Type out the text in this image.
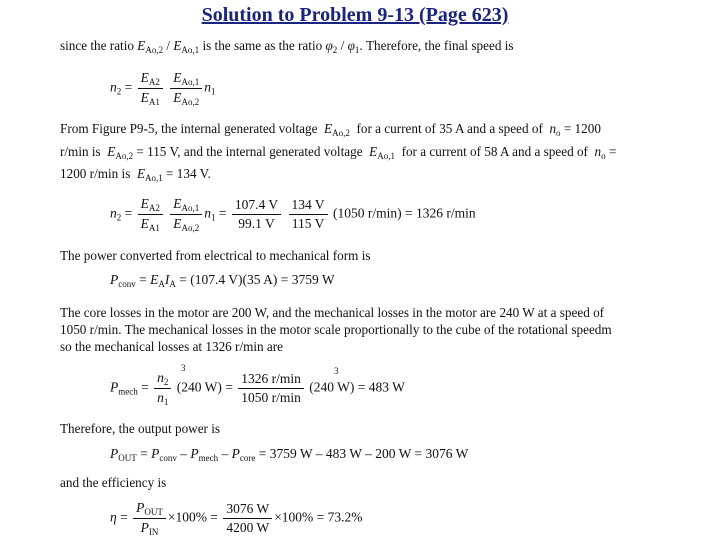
Solution to Problem 9-13 (Page 623)
since the ratio $E_{Ao,2} / E_{Ao,1}$ is the same as the ratio $\varphi_2 / \varphi_1$. Therefore, the final speed is
$n_2 = \frac{E_{A2}}{E_{A1}}$
$\frac{E_{Ao,1}}{E_{Ao,2}} n_1$
From Figure P9-5, the internal generated voltage $E_{Ao,2}$ for a current of 35 A and a speed of $n_o = 1200$
r/min is $E_{Ao,2} = 115$ V, and the internal generated voltage $E_{Ao,1}$ for a current of 58 A and a speed of $n_o$ =
1200 r/min is $E_{Ao,1} = 134$ V.
$n_2 = \frac{E_{A2}}{E_{A1}}$
$\frac{E_{Ao,1}}{E_{Ao,2}} n_1 = \frac{107.4 V}{99.1 V}$
$\frac{134 V}{115 V} (1050$ r/min) = 1326 r/min
The power converted from electrical to mechanical form is
$P_{conv} = E_AI_A = (107.4$ V)(35 A) = 3759 W
The core losses in the motor are 200 W, and the mechanical losses in the motor are 240 W at a speed of
1050 r/min. The mechanical losses in the motor scale proportionally to the cube of the rotational speedm
so the mechanical losses at 1326 r/min are
3	3
$P_{mech} = \frac{n_2}{n_1} (240$ $W) = \frac{1326 r/\min}{1050 r/\min} (240$ W) = 483 W
Therefore, the output power is
$P_{OUT} = P_{conv} - P_{mech} - P_{core} = 3759$ W – 483 W – 200 W = 3076 W
and the efficiency is
$\eta = \frac{P_{OUT}}{P_{IN}} \times 100\% = \frac{3076 W}{4200 W} \times 100\% = 73.2\%$
